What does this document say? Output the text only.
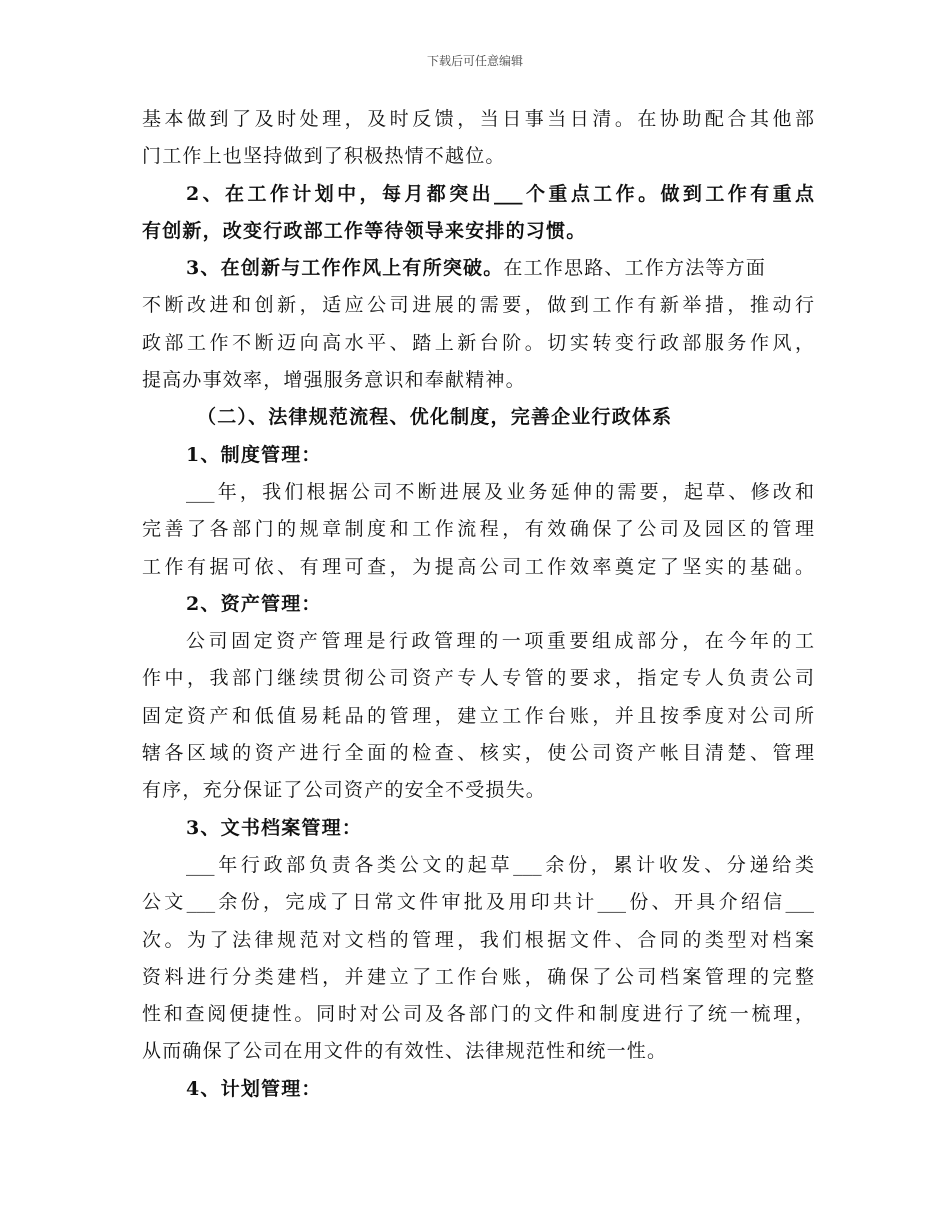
下载后可任意编辑
基本做到了及时处理，及时反馈，当日事当日清。在协助配合其他部
门工作上也坚持做到了积极热情不越位。
2、在工作计划中，每月都突出___个重点工作。做到工作有重点
有创新，改变行政部工作等待领导来安排的习惯。
3、在创新与工作作风上有所突破。在工作思路、工作方法等方面
不断改进和创新，适应公司进展的需要，做到工作有新举措，推动行
政部工作不断迈向高水平、踏上新台阶。切实转变行政部服务作风，
提高办事效率，增强服务意识和奉献精神。
（二）、法律规范流程、优化制度，完善企业行政体系
1、制度管理：
___年，我们根据公司不断进展及业务延伸的需要，起草、修改和
完善了各部门的规章制度和工作流程，有效确保了公司及园区的管理
工作有据可依、有理可查，为提高公司工作效率奠定了坚实的基础。
2、资产管理：
公司固定资产管理是行政管理的一项重要组成部分，在今年的工
作中，我部门继续贯彻公司资产专人专管的要求，指定专人负责公司
固定资产和低值易耗品的管理，建立工作台账，并且按季度对公司所
辖各区域的资产进行全面的检查、核实，使公司资产帐目清楚、管理
有序，充分保证了公司资产的安全不受损失。
3、文书档案管理：
___年行政部负责各类公文的起草___余份，累计收发、分递给类
公文___余份，完成了日常文件审批及用印共计___份、开具介绍信___
次。为了法律规范对文档的管理，我们根据文件、合同的类型对档案
资料进行分类建档，并建立了工作台账，确保了公司档案管理的完整
性和查阅便捷性。同时对公司及各部门的文件和制度进行了统一梳理，
从而确保了公司在用文件的有效性、法律规范性和统一性。
4、计划管理：
